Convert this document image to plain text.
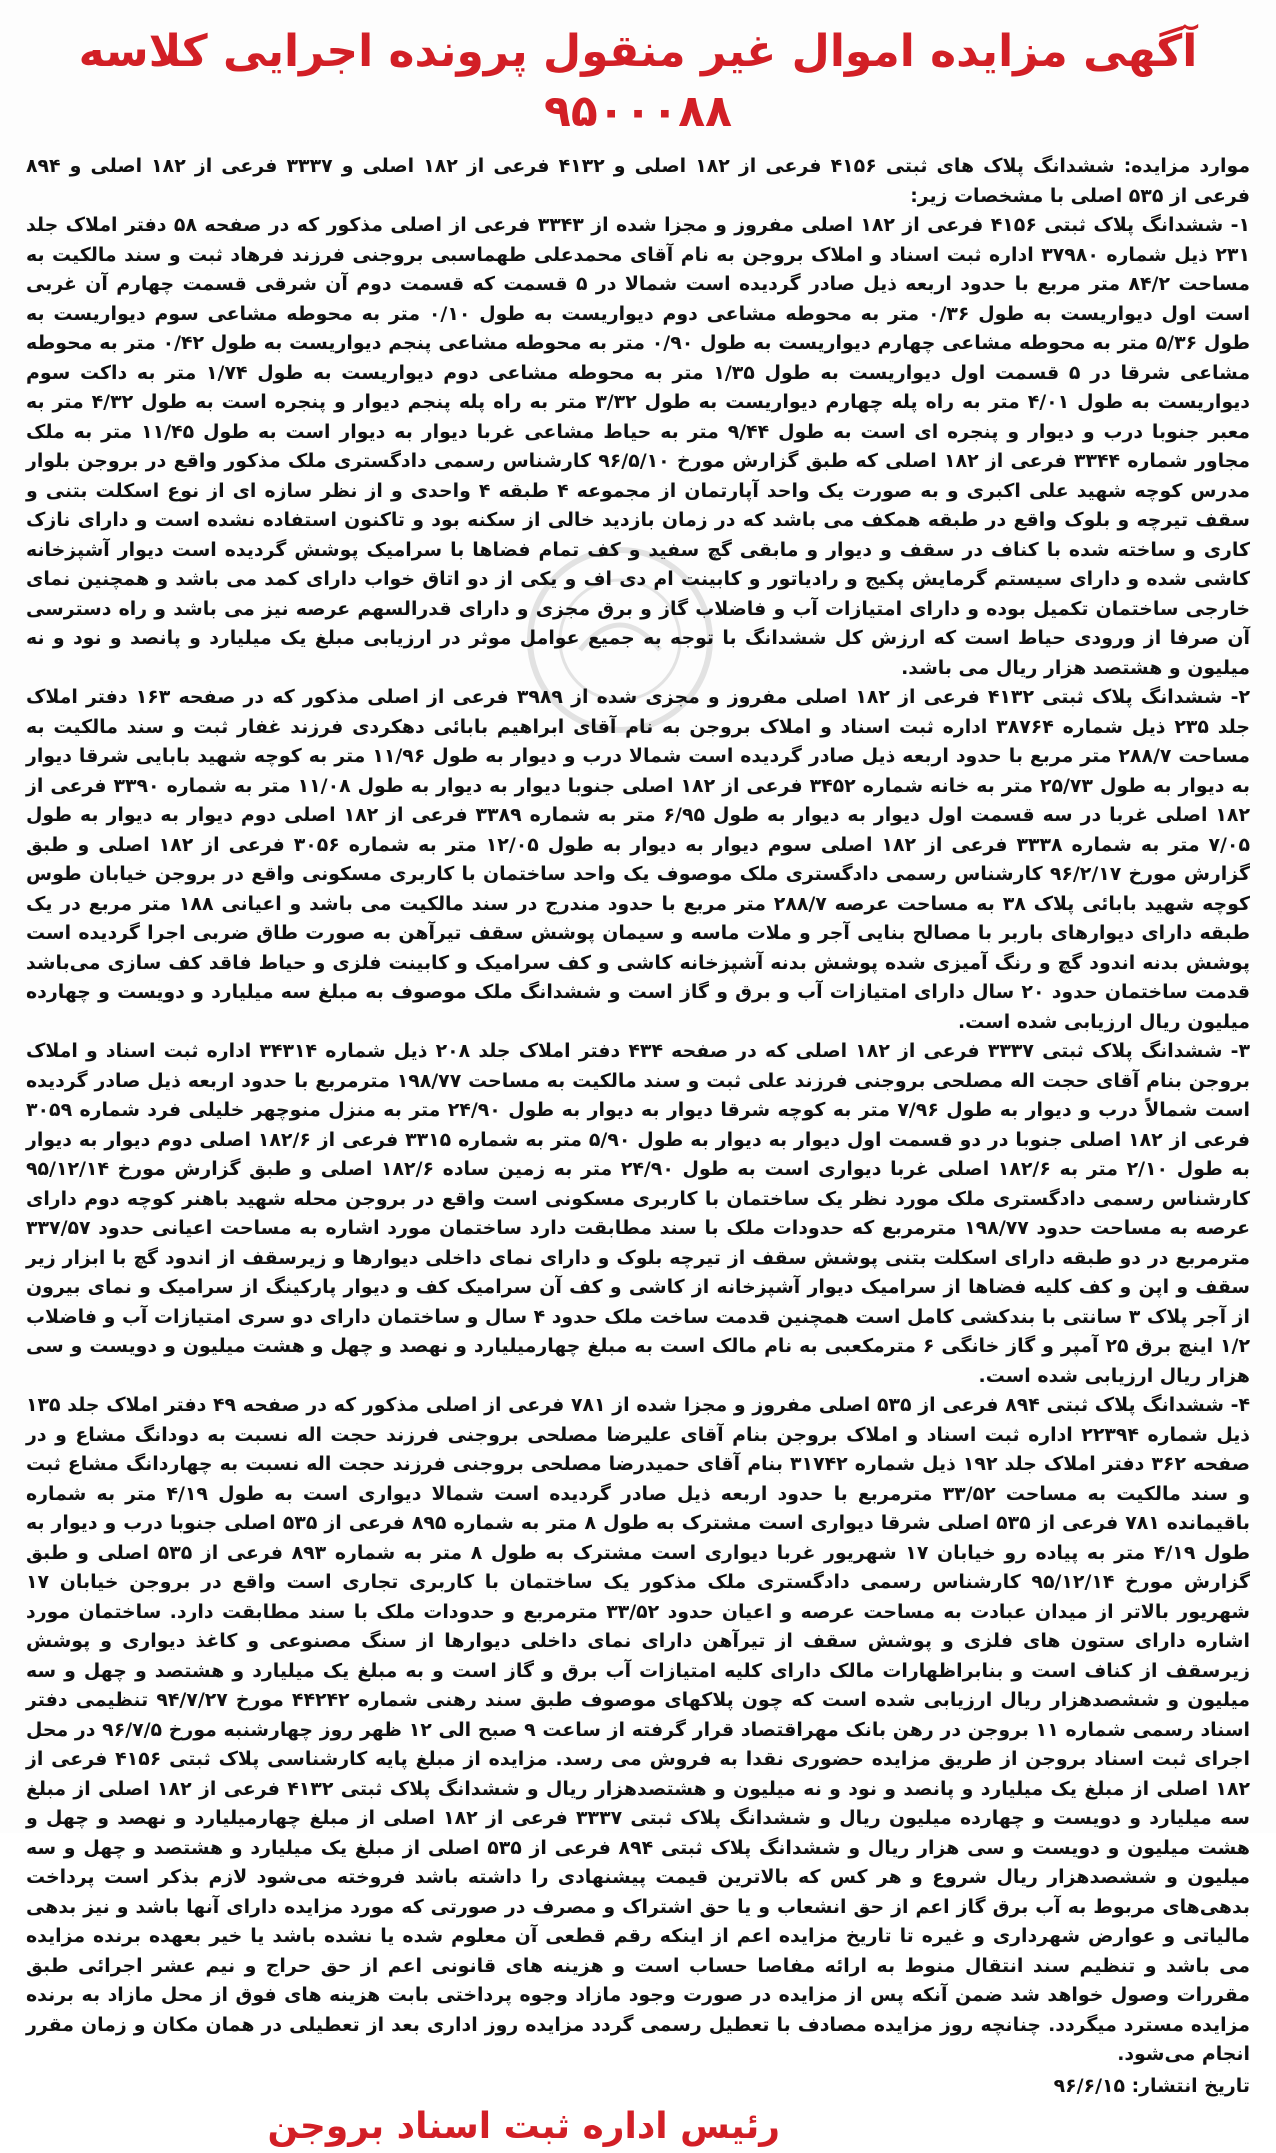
آگهی مزایده اموال غیر منقول پرونده اجرایی کلاسه ۹۵۰۰۰۸۸

موارد مزایده: ششدانگ پلاک های ثبتی ۴۱۵۶ فرعی از ۱۸۲ اصلی و ۴۱۳۲ فرعی از ۱۸۲ اصلی و ۳۳۳۷ فرعی از ۱۸۲ اصلی و ۸۹۴ فرعی از ۵۳۵ اصلی با مشخصات زیر:

۱- ششدانگ پلاک ثبتی ۴۱۵۶ فرعی از ۱۸۲ اصلی مفروز و مجزا شده از ۳۳۴۳ فرعی از اصلی مذکور که در صفحه ۵۸ دفتر املاک جلد ۲۳۱ ذیل شماره ۳۷۹۸۰ اداره ثبت اسناد و املاک بروجن به نام آقای محمدعلی طهماسبی بروجنی فرزند فرهاد ثبت و سند مالکیت به مساحت ۸۴/۲ متر مربع با حدود اربعه ذیل صادر گردیده است شمالا در ۵ قسمت که قسمت دوم آن شرقی قسمت چهارم آن غربی است اول دیواریست به طول ۰/۳۶ متر به محوطه مشاعی دوم دیواریست به طول ۰/۱۰ متر به محوطه مشاعی سوم دیواریست به طول ۵/۳۶ متر به محوطه مشاعی چهارم دیواریست به طول ۰/۹۰ متر به محوطه مشاعی پنجم دیواریست به طول ۰/۴۲ متر به محوطه مشاعی شرقا در ۵ قسمت اول دیواریست به طول ۱/۳۵ متر به محوطه مشاعی دوم دیواریست به طول ۱/۷۴ متر به داکت سوم دیواریست به طول ۴/۰۱ متر به راه پله چهارم دیواریست به طول ۳/۳۲ متر به راه پله پنجم دیوار و پنجره است به طول ۴/۳۲ متر به معبر جنوبا درب و دیوار و پنجره ای است به طول ۹/۴۴ متر به حیاط مشاعی غربا دیوار به دیوار است به طول ۱۱/۴۵ متر به ملک مجاور شماره ۳۳۴۴ فرعی از ۱۸۲ اصلی که طبق گزارش مورخ ۹۶/۵/۱۰ کارشناس رسمی دادگستری ملک مذکور واقع در بروجن بلوار مدرس کوچه شهید علی اکبری و به صورت یک واحد آپارتمان از مجموعه ۴ طبقه ۴ واحدی و از نظر سازه ای از نوع اسکلت بتنی و سقف تیرچه و بلوک واقع در طبقه همکف می باشد که در زمان بازدید خالی از سکنه بود و تاکنون استفاده نشده است و دارای نازک کاری و ساخته شده با کناف در سقف و دیوار و مابقی گچ سفید و کف تمام فضاها با سرامیک پوشش گردیده است دیوار آشپزخانه کاشی شده و دارای سیستم گرمایش پکیج و رادیاتور و کابینت ام دی اف و یکی از دو اتاق خواب دارای کمد می باشد و همچنین نمای خارجی ساختمان تکمیل بوده و دارای امتیازات آب و فاضلاب گاز و برق مجزی و دارای قدرالسهم عرصه نیز می باشد و راه دسترسی آن صرفا از ورودی حیاط است که ارزش کل ششدانگ با توجه به جمیع عوامل موثر در ارزیابی مبلغ یک میلیارد و پانصد و نود و نه میلیون و هشتصد هزار ریال می باشد.

۲- ششدانگ پلاک ثبتی ۴۱۳۲ فرعی از ۱۸۲ اصلی مفروز و مجزی شده از ۳۹۸۹ فرعی از اصلی مذکور که در صفحه ۱۶۳ دفتر املاک جلد ۲۳۵ ذیل شماره ۳۸۷۶۴ اداره ثبت اسناد و املاک بروجن به نام آقای ابراهیم بابائی دهکردی فرزند غفار ثبت و سند مالکیت به مساحت ۲۸۸/۷ متر مربع با حدود اربعه ذیل صادر گردیده است شمالا درب و دیوار به طول ۱۱/۹۶ متر به کوچه شهید بابایی شرقا دیوار به دیوار به طول ۲۵/۷۳ متر به خانه شماره ۳۴۵۲ فرعی از ۱۸۲ اصلی جنوبا دیوار به دیوار به طول ۱۱/۰۸ متر به شماره ۳۳۹۰ فرعی از ۱۸۲ اصلی غربا در سه قسمت اول دیوار به دیوار به طول ۶/۹۵ متر به شماره ۳۳۸۹ فرعی از ۱۸۲ اصلی دوم دیوار به دیوار به طول ۷/۰۵ متر به شماره ۳۳۳۸ فرعی از ۱۸۲ اصلی سوم دیوار به دیوار به طول ۱۲/۰۵ متر به شماره ۳۰۵۶ فرعی از ۱۸۲ اصلی و طبق گزارش مورخ ۹۶/۲/۱۷ کارشناس رسمی دادگستری ملک موصوف یک واحد ساختمان با کاربری مسکونی واقع در بروجن خیابان طوس کوچه شهید بابائی پلاک ۳۸ به مساحت عرصه ۲۸۸/۷ متر مربع با حدود مندرج در سند مالکیت می باشد و اعیانی ۱۸۸ متر مربع در یک طبقه دارای دیوارهای باربر با مصالح بنایی آجر و ملات ماسه و سیمان پوشش سقف تیرآهن به صورت طاق ضربی اجرا گردیده است پوشش بدنه اندود گچ و رنگ آمیزی شده پوشش بدنه آشپزخانه کاشی و کف سرامیک و کابینت فلزی و حیاط فاقد کف سازی می‌باشد قدمت ساختمان حدود ۲۰ سال دارای امتیازات آب و برق و گاز است و ششدانگ ملک موصوف به مبلغ سه میلیارد و دویست و چهارده میلیون ریال ارزیابی شده است.

۳- ششدانگ پلاک ثبتی ۳۳۳۷ فرعی از ۱۸۲ اصلی که در صفحه ۴۳۴ دفتر املاک جلد ۲۰۸ ذیل شماره ۳۴۳۱۴ اداره ثبت اسناد و املاک بروجن بنام آقای حجت اله مصلحی بروجنی فرزند علی ثبت و سند مالکیت به مساحت ۱۹۸/۷۷ مترمربع با حدود اربعه ذیل صادر گردیده است شمالاً درب و دیوار به طول ۷/۹۶ متر به کوچه شرقا دیوار به دیوار به طول ۲۴/۹۰ متر به منزل منوچهر خلیلی فرد شماره ۳۰۵۹ فرعی از ۱۸۲ اصلی جنوبا در دو قسمت اول دیوار به دیوار به طول ۵/۹۰ متر به شماره ۳۳۱۵ فرعی از ۱۸۲/۶ اصلی دوم دیوار به دیوار به طول ۲/۱۰ متر به ۱۸۲/۶ اصلی غربا دیواری است به طول ۲۴/۹۰ متر به زمین ساده ۱۸۲/۶ اصلی و طبق گزارش مورخ ۹۵/۱۲/۱۴ کارشناس رسمی دادگستری ملک مورد نظر یک ساختمان با کاربری مسکونی است واقع در بروجن محله شهید باهنر کوچه دوم دارای عرصه به مساحت حدود ۱۹۸/۷۷ مترمربع که حدودات ملک با سند مطابقت دارد ساختمان مورد اشاره به مساحت اعیانی حدود ۳۳۷/۵۷ مترمربع در دو طبقه دارای اسکلت بتنی پوشش سقف از تیرچه بلوک و دارای نمای داخلی دیوارها و زیرسقف از اندود گچ با ابزار زیر سقف و اپن و کف کلیه فضاها از سرامیک دیوار آشپزخانه از کاشی و کف آن سرامیک کف و دیوار پارکینگ از سرامیک و نمای بیرون از آجر پلاک ۳ سانتی با بندکشی کامل است همچنین قدمت ساخت ملک حدود ۴ سال و ساختمان دارای دو سری امتیازات آب و فاضلاب ۱/۲ اینچ برق ۲۵ آمپر و گاز خانگی ۶ مترمکعبی به نام مالک است به مبلغ چهارمیلیارد و نهصد و چهل و هشت میلیون و دویست و سی هزار ریال ارزیابی شده است.

۴- ششدانگ پلاک ثبتی ۸۹۴ فرعی از ۵۳۵ اصلی مفروز و مجزا شده از ۷۸۱ فرعی از اصلی مذکور که در صفحه ۴۹ دفتر املاک جلد ۱۳۵ ذیل شماره ۲۲۳۹۴ اداره ثبت اسناد و املاک بروجن بنام آقای علیرضا مصلحی بروجنی فرزند حجت اله نسبت به دودانگ مشاع و در صفحه ۳۶۲ دفتر املاک جلد ۱۹۲ ذیل شماره ۳۱۷۴۲ بنام آقای حمیدرضا مصلحی بروجنی فرزند حجت اله نسبت به چهاردانگ مشاع ثبت و سند مالکیت به مساحت ۳۳/۵۲ مترمربع با حدود اربعه ذیل صادر گردیده است شمالا دیواری است به طول ۴/۱۹ متر به شماره باقیمانده ۷۸۱ فرعی از ۵۳۵ اصلی شرقا دیواری است مشترک به طول ۸ متر به شماره ۸۹۵ فرعی از ۵۳۵ اصلی جنوبا درب و دیوار به طول ۴/۱۹ متر به پیاده رو خیابان ۱۷ شهریور غربا دیواری است مشترک به طول ۸ متر به شماره ۸۹۳ فرعی از ۵۳۵ اصلی و طبق گزارش مورخ ۹۵/۱۲/۱۴ کارشناس رسمی دادگستری ملک مذکور یک ساختمان با کاربری تجاری است واقع در بروجن خیابان ۱۷ شهریور بالاتر از میدان عبادت به مساحت عرصه و اعیان حدود ۳۳/۵۲ مترمربع و حدودات ملک با سند مطابقت دارد. ساختمان مورد اشاره دارای ستون های فلزی و پوشش سقف از تیرآهن دارای نمای داخلی دیوارها از سنگ مصنوعی و کاغذ دیواری و پوشش زیرسقف از کناف است و بنابراظهارات مالک دارای کلیه امتیازات آب برق و گاز است و به مبلغ یک میلیارد و هشتصد و چهل و سه میلیون و ششصدهزار ریال ارزیابی شده است که چون پلاکهای موصوف طبق سند رهنی شماره ۴۴۲۴۲ مورخ ۹۴/۷/۲۷ تنظیمی دفتر اسناد رسمی شماره ۱۱ بروجن در رهن بانک مهراقتصاد قرار گرفته از ساعت ۹ صبح الی ۱۲ ظهر روز چهارشنبه مورخ ۹۶/۷/۵ در محل اجرای ثبت اسناد بروجن از طریق مزایده حضوری نقدا به فروش می رسد. مزایده از مبلغ پایه کارشناسی پلاک ثبتی ۴۱۵۶ فرعی از ۱۸۲ اصلی از مبلغ یک میلیارد و پانصد و نود و نه میلیون و هشتصدهزار ریال و ششدانگ پلاک ثبتی ۴۱۳۲ فرعی از ۱۸۲ اصلی از مبلغ سه میلیارد و دویست و چهارده میلیون ریال و ششدانگ پلاک ثبتی ۳۳۳۷ فرعی از ۱۸۲ اصلی از مبلغ چهارمیلیارد و نهصد و چهل و هشت میلیون و دویست و سی هزار ریال و ششدانگ پلاک ثبتی ۸۹۴ فرعی از ۵۳۵ اصلی از مبلغ یک میلیارد و هشتصد و چهل و سه میلیون و ششصدهزار ریال شروع و هر کس که بالاترین قیمت پیشنهادی را داشته باشد فروخته می‌شود لازم بذکر است پرداخت بدهی‌های مربوط به آب برق گاز اعم از حق انشعاب و یا حق اشتراک و مصرف در صورتی که مورد مزایده دارای آنها باشد و نیز بدهی مالیاتی و عوارض شهرداری و غیره تا تاریخ مزایده اعم از اینکه رقم قطعی آن معلوم شده یا نشده باشد یا خیر بعهده برنده مزایده می باشد و تنظیم سند انتقال منوط به ارائه مفاصا حساب است و هزینه های قانونی اعم از حق حراج و نیم عشر اجرائی طبق مقررات وصول خواهد شد ضمن آنکه پس از مزایده در صورت وجود مازاد وجوه پرداختی بابت هزینه های فوق از محل مازاد به برنده مزایده مسترد میگردد. چنانچه روز مزایده مصادف با تعطیل رسمی گردد مزایده روز اداری بعد از تعطیلی در همان مکان و زمان مقرر انجام می‌شود.

تاریخ انتشار: ۹۶/۶/۱۵
رئیس اداره ثبت اسناد بروجن
